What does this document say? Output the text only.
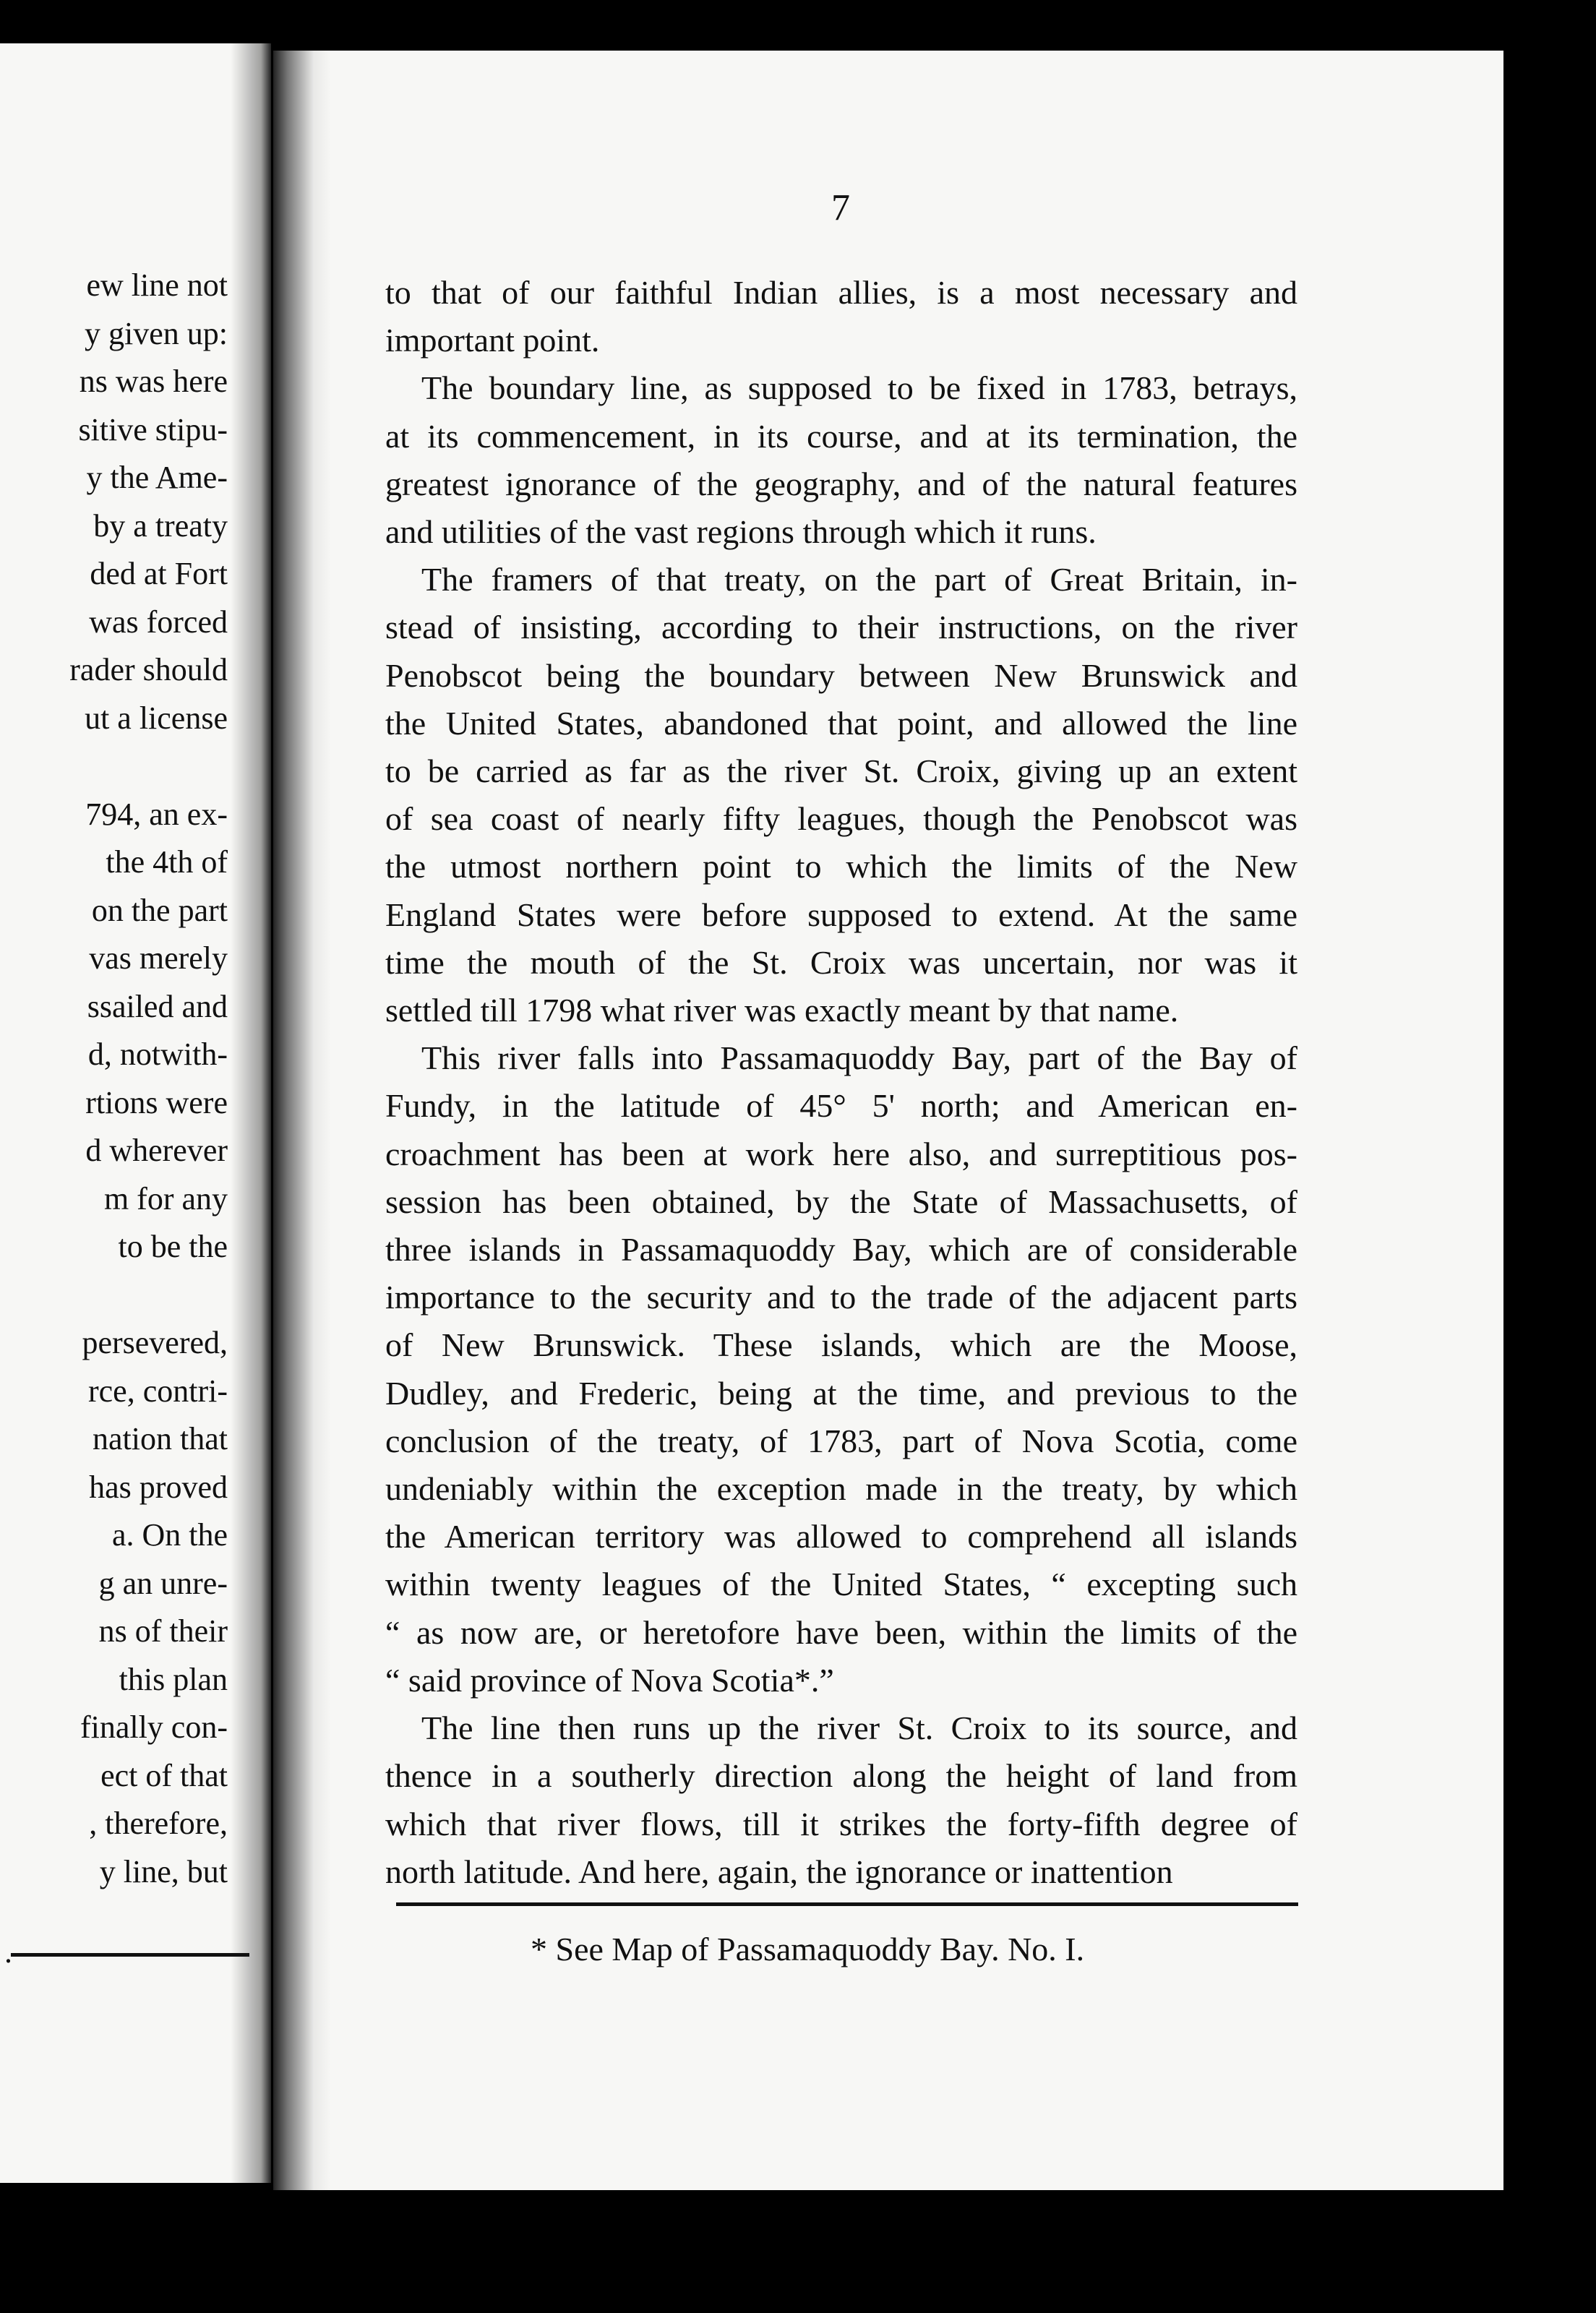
ew line not
y given up:
ns was here
sitive stipu-
y the Ame-
by a treaty
ded at Fort
was forced
rader should
ut a license
794, an ex-
the 4th of
on the part
vas merely
ssailed and
d, notwith-
rtions were
d wherever
m for any
to be the
persevered,
rce, contri-
nation that
has proved
a. On the
g an unre-
ns of their
this plan
finally con-
ect of that
, therefore,
y line, but
.
7

to that of our faithful Indian allies, is a most necessary and
important point.

The boundary line, as supposed to be fixed in 1783, betrays,
at its commencement, in its course, and at its termination, the
greatest ignorance of the geography, and of the natural features
and utilities of the vast regions through which it runs.

The framers of that treaty, on the part of Great Britain, in-
stead of insisting, according to their instructions, on the river
Penobscot being the boundary between New Brunswick and
the United States, abandoned that point, and allowed the line
to be carried as far as the river St. Croix, giving up an extent
of sea coast of nearly fifty leagues, though the Penobscot was
the utmost northern point to which the limits of the New
England States were before supposed to extend. At the same
time the mouth of the St. Croix was uncertain, nor was it
settled till 1798 what river was exactly meant by that name.

This river falls into Passamaquoddy Bay, part of the Bay of
Fundy, in the latitude of 45° 5' north; and American en-
croachment has been at work here also, and surreptitious pos-
session has been obtained, by the State of Massachusetts, of
three islands in Passamaquoddy Bay, which are of considerable
importance to the security and to the trade of the adjacent parts
of New Brunswick. These islands, which are the Moose,
Dudley, and Frederic, being at the time, and previous to the
conclusion of the treaty, of 1783, part of Nova Scotia, come
undeniably within the exception made in the treaty, by which
the American territory was allowed to comprehend all islands
within twenty leagues of the United States, “ excepting such
“ as now are, or heretofore have been, within the limits of the
“ said province of Nova Scotia*.”

The line then runs up the river St. Croix to its source, and
thence in a southerly direction along the height of land from
which that river flows, till it strikes the forty-fifth degree of
north latitude. And here, again, the ignorance or inattention

* See Map of Passamaquoddy Bay. No. I.
